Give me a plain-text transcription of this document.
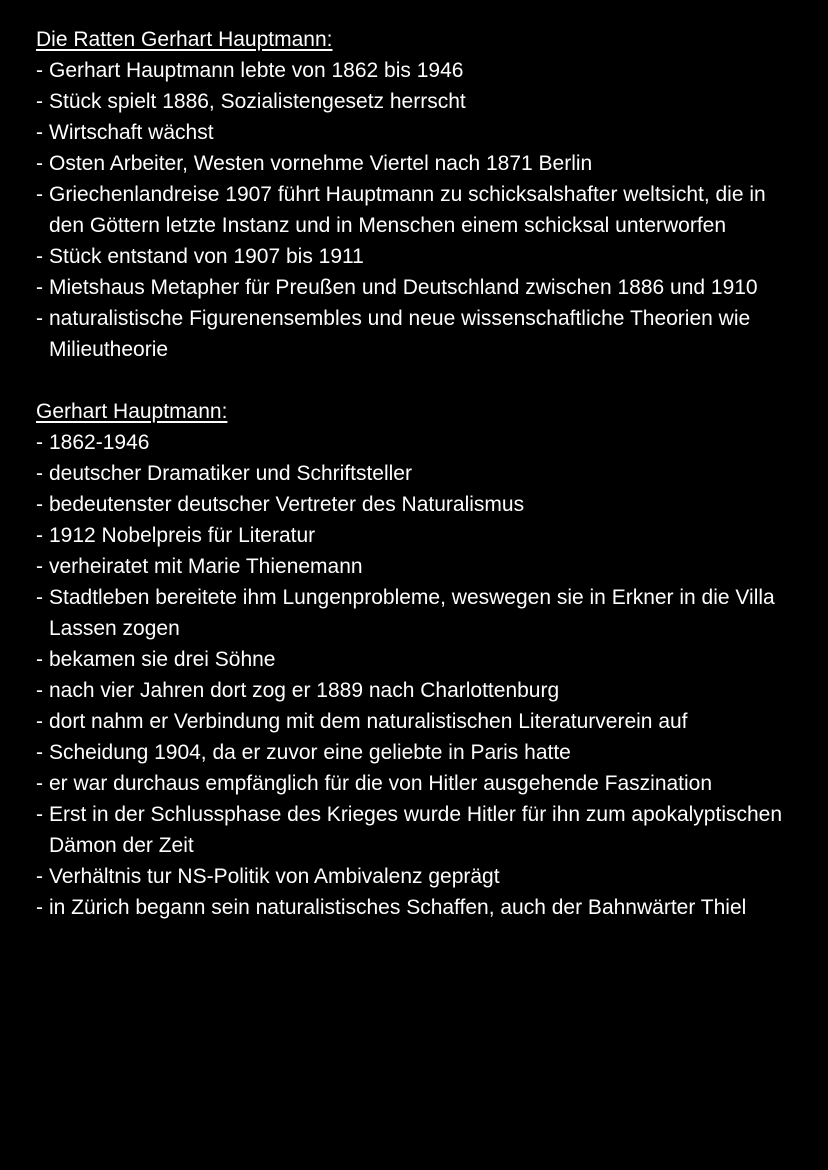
Die Ratten Gerhart Hauptmann:
- Gerhart Hauptmann lebte von 1862 bis 1946
- Stück spielt 1886, Sozialistengesetz herrscht
- Wirtschaft wächst
- Osten Arbeiter, Westen vornehme Viertel nach 1871 Berlin
- Griechenlandreise 1907 führt Hauptmann zu schicksalshafter weltsicht, die in den Göttern letzte Instanz und in Menschen einem schicksal unterworfen
- Stück entstand von 1907 bis 1911
- Mietshaus Metapher für Preußen und Deutschland zwischen 1886 und 1910
- naturalistische Figurenensembles und neue wissenschaftliche Theorien wie Milieutheorie
Gerhart Hauptmann:
- 1862-1946
- deutscher Dramatiker und Schriftsteller
- bedeutenster deutscher Vertreter des Naturalismus
- 1912 Nobelpreis für Literatur
- verheiratet mit Marie Thienemann
- Stadtleben bereitete ihm Lungenprobleme, weswegen sie in Erkner in die Villa Lassen zogen
- bekamen sie drei Söhne
- nach vier Jahren dort zog er 1889 nach Charlottenburg
- dort nahm er Verbindung mit dem naturalistischen Literaturverein auf
- Scheidung 1904, da er zuvor eine geliebte in Paris hatte
- er war durchaus empfänglich für die von Hitler ausgehende Faszination
- Erst in der Schlussphase des Krieges wurde Hitler für ihn zum apokalyptischen Dämon der Zeit
- Verhältnis tur NS-Politik von Ambivalenz geprägt
- in Zürich begann sein naturalistisches Schaffen, auch der Bahnwärter Thiel
